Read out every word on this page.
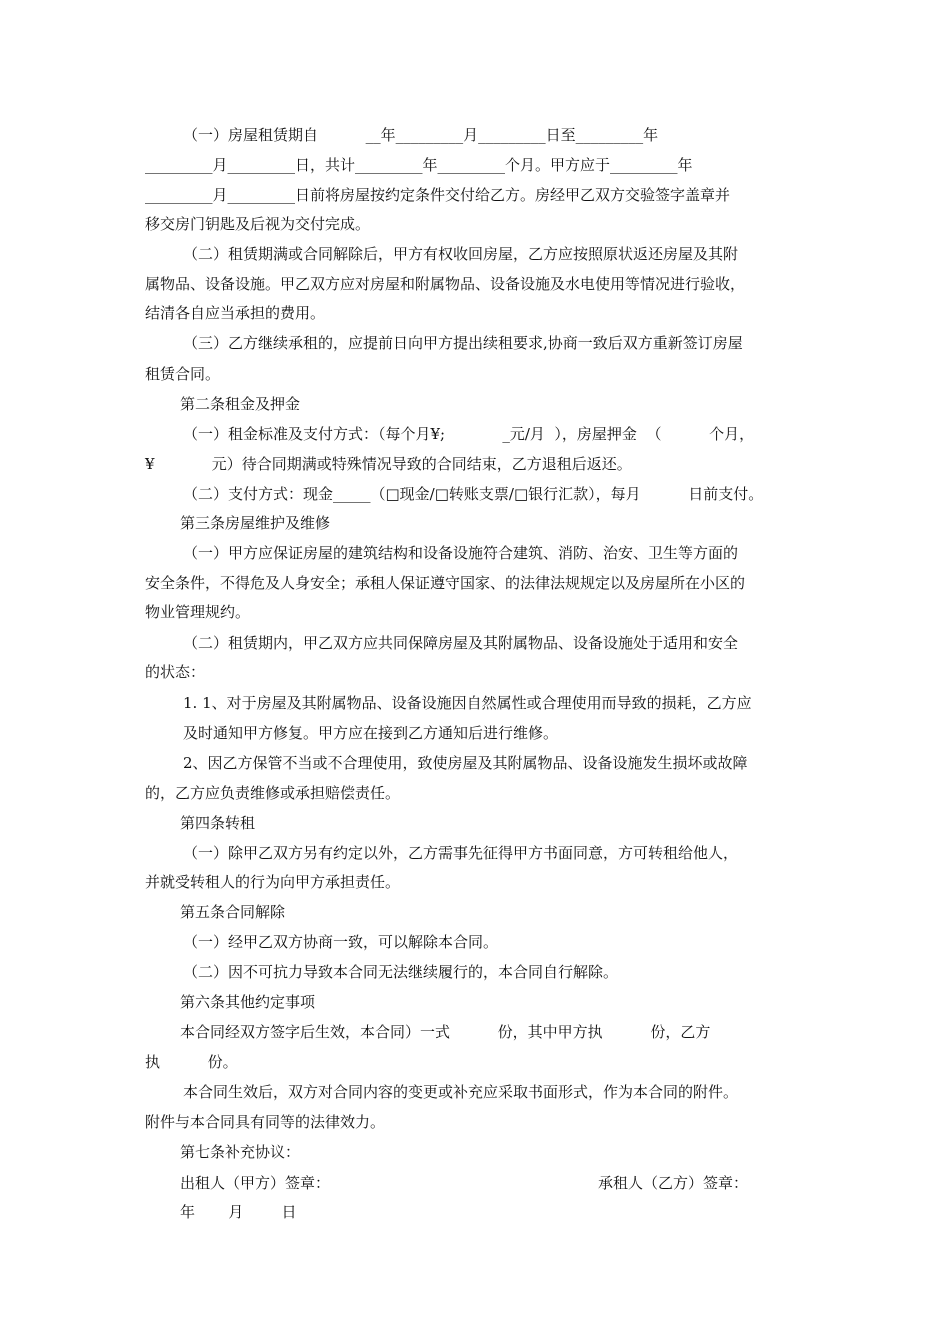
（一）房屋租赁期自          __年_________月_________日至_________年
_________月_________日，共计_________年_________个月。甲方应于_________年
_________月_________日前将房屋按约定条件交付给乙方。房经甲乙双方交验签字盖章并
移交房门钥匙及后视为交付完成。
（二）租赁期满或合同解除后，甲方有权收回房屋，乙方应按照原状返还房屋及其附
属物品、设备设施。甲乙双方应对房屋和附属物品、设备设施及水电使用等情况进行验收，
结清各自应当承担的费用。
（三）乙方继续承租的，应提前日向甲方提出续租要求,协商一致后双方重新签订房屋
租赁合同。
第二条租金及押金
（一）租金标准及支付方式：（每个月¥;            _元/月  ），房屋押金  （          个月，
¥            元）待合同期满或特殊情况导致的合同结束，乙方退租后返还。
（二）支付方式：现金_____（□现金/□转账支票/□银行汇款），每月          日前支付。
第三条房屋维护及维修
（一）甲方应保证房屋的建筑结构和设备设施符合建筑、消防、治安、卫生等方面的
安全条件，不得危及人身安全；承租人保证遵守国家、的法律法规规定以及房屋所在小区的
物业管理规约。
（二）租赁期内，甲乙双方应共同保障房屋及其附属物品、设备设施处于适用和安全
的状态：
1. 1、对于房屋及其附属物品、设备设施因自然属性或合理使用而导致的损耗，乙方应
及时通知甲方修复。甲方应在接到乙方通知后进行维修。
2、因乙方保管不当或不合理使用，致使房屋及其附属物品、设备设施发生损坏或故障
的，乙方应负责维修或承担赔偿责任。
第四条转租
（一）除甲乙双方另有约定以外，乙方需事先征得甲方书面同意，方可转租给他人，
并就受转租人的行为向甲方承担责任。
第五条合同解除
（一）经甲乙双方协商一致，可以解除本合同。
（二）因不可抗力导致本合同无法继续履行的，本合同自行解除。
第六条其他约定事项
本合同经双方签字后生效，本合同）一式          份，其中甲方执          份，乙方
执          份。
本合同生效后，双方对合同内容的变更或补充应采取书面形式，作为本合同的附件。
附件与本合同具有同等的法律效力。
第七条补充协议：
出租人（甲方）签章：	承租人（乙方）签章：
年       月        日
